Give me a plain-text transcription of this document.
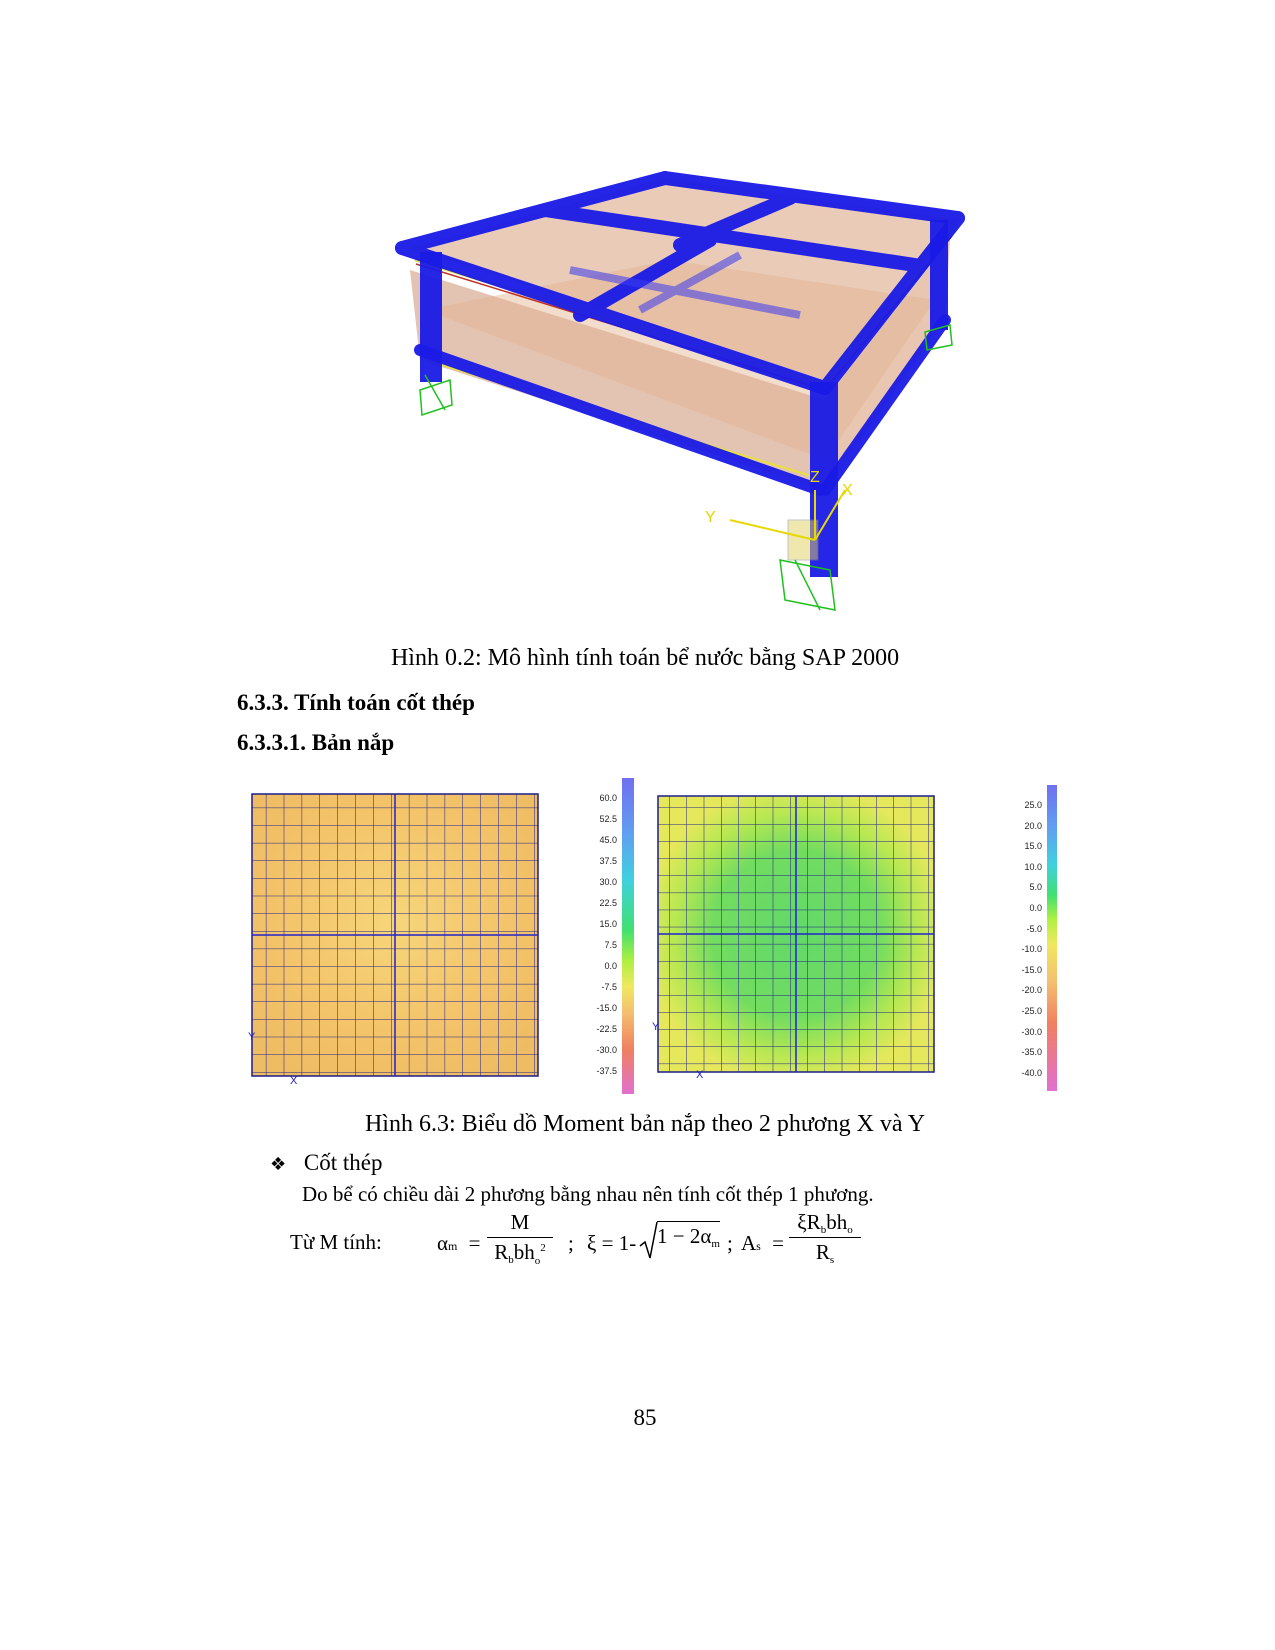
Z
X
Y
Hình 0.2: Mô hình tính toán bể nước bằng SAP 2000
6.3.3. Tính toán cốt thép
6.3.3.1. Bản nắp
X
Y
60.0
52.5
45.0
37.5
30.0
22.5
15.0
7.5
0.0
-7.5
-15.0
-22.5
-30.0
-37.5	X
Y
25.0
20.0
15.0
10.0
5.0
0.0
-5.0
-10.0
-15.0
-20.0
-25.0
-30.0
-35.0
-40.0
Hình 6.3: Biểu dồ Moment bản nắp theo 2 phương X và Y
❖ Cốt thép
Do bể có chiều dài 2 phương bằng nhau nên tính cốt thép 1 phương.
Từ M tính:	αm =
M
Rbbh$_o^2$	; ξ = 1- 1 − 2αm ; As =
ξRbbho
Rs
85
